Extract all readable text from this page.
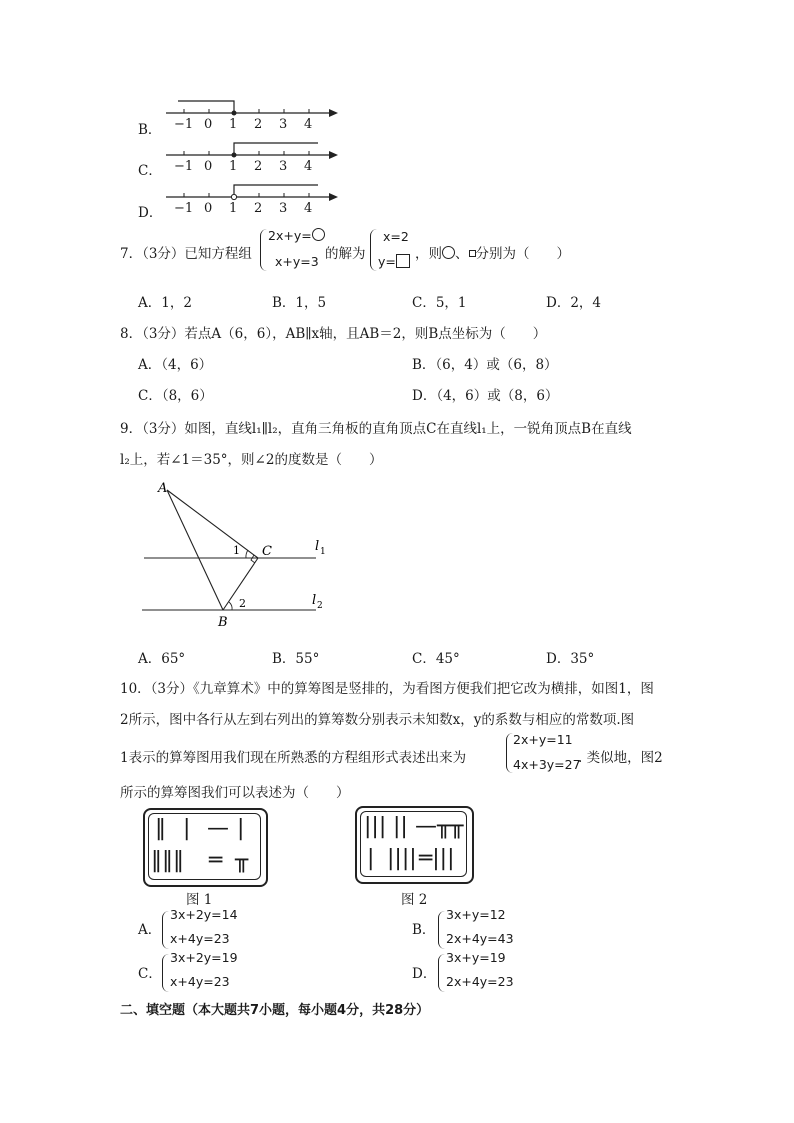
B． −1 0 1 2 3 4
C． −1 0 1 2 3 4
D． −1 0 1 2 3 4
7．（3分）已知方程组
2x+y=
x+y=3 的解为
x=2
y=	，则 、 分别为（　　）
A．1，2	B．1，5	C．5，1	D．2，4
8．（3分）若点A（6，6），AB∥x轴，且AB＝2，则B点坐标为（　　）
A．（4，6）	B．（6，4）或（6，8）
C．（8，6）	D．（4，6）或（8，6）
9．（3分）如图，直线l₁∥l₂，直角三角板的直角顶点C在直线l₁上，一锐角顶点B在直线
l₂上，若∠1＝35°，则∠2的度数是（　　）
A
B
C
1
2
l 1
l 2
A．65°	B．55°	C．45°	D．35°
10．（3分）《九章算术》中的算筹图是竖排的，为看图方便我们把它改为横排，如图1，图
2所示，图中各行从左到右列出的算筹数分别表示未知数x，y的系数与相应的常数项.图
1表示的算筹图用我们现在所熟悉的方程组形式表述出来为
2x+y=11
4x+3y=27
. 类似地，图2
所示的算筹图我们可以表述为（　　）
‖ | — |
‖‖‖ ═ ╥
图 1
||| || —╥╥
| |||| ═|||
图 2
A．
3x+2y=14
x+4y=23
B．
3x+y=12
2x+4y=43
C．
3x+2y=19
x+4y=23	D．
3x+y=19
2x+4y=23
二、填空题（本大题共7小题，每小题4分，共28分）
